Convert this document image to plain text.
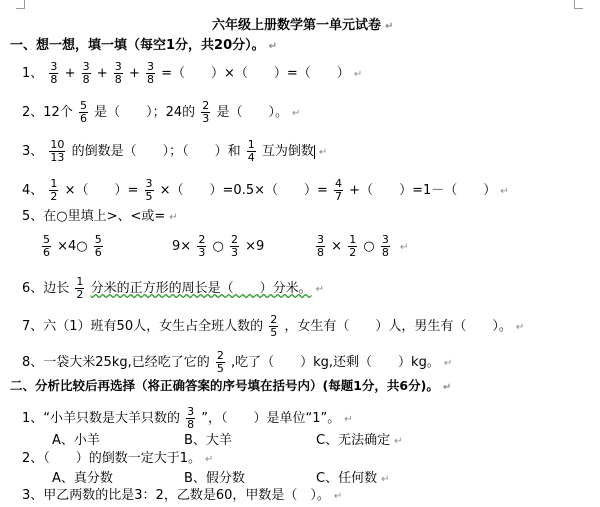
六年级上册数学第一单元试卷 ↵
一、想一想，填一填（每空1分，共20分）。 ↵
1、 $\frac{3}{8} + \frac{3}{8} + \frac{3}{8} + \frac{3}{8}$ =（　　）×（　　）=（　　） ↵
2、12个 $\frac{5}{6}$ 是（　　）；24的 $\frac{2}{3}$ 是（　　）。 ↵
3、 $\frac{10}{13}$ 的倒数是（　　）；（　　）和 $\frac{1}{4}$ 互为倒数 ↵
4、 $\frac{1}{2}$ ×（　　）= $\frac{3}{5}$ ×（　　）=0.5×（　　）= $\frac{4}{7}$ +（　　）=1－（　　） ↵
5、在○里填上>、<或= ↵
$\frac{5}{6}$ ×4○ $\frac{5}{6}$	$9\times \frac{2}{3}$ ○ $\frac{2}{3} \times 9$	$\frac{3}{8} \times \frac{1}{2}$ ○ $\frac{3}{8}$ ↵
6、边长 $\frac{1}{2}$ 分米的正方形的周长是（　　）分米。 ↵
7、六（1）班有50人，女生占全班人数的 $\frac{2}{5}$ ，女生有（　　）人，男生有（　　）。 ↵
8、一袋大米25kg,已经吃了它的 $\frac{2}{5}$ ,吃了（　　）kg,还剩（　　）kg。 ↵
二、分析比较后再选择（将正确答案的序号填在括号内）(每题1分，共6分)。 ↵
1、“小羊只数是大羊只数的 $\frac{3}{8}$ ”，（　　）是单位“1”。 ↵
A、小羊	B、大羊	C、无法确定 ↵
2、（　　）的倒数一定大于1。 ↵
A、真分数	B、假分数	C、任何数 ↵
3、甲乙两数的比是3：2，乙数是60，甲数是（　）。 ↵
